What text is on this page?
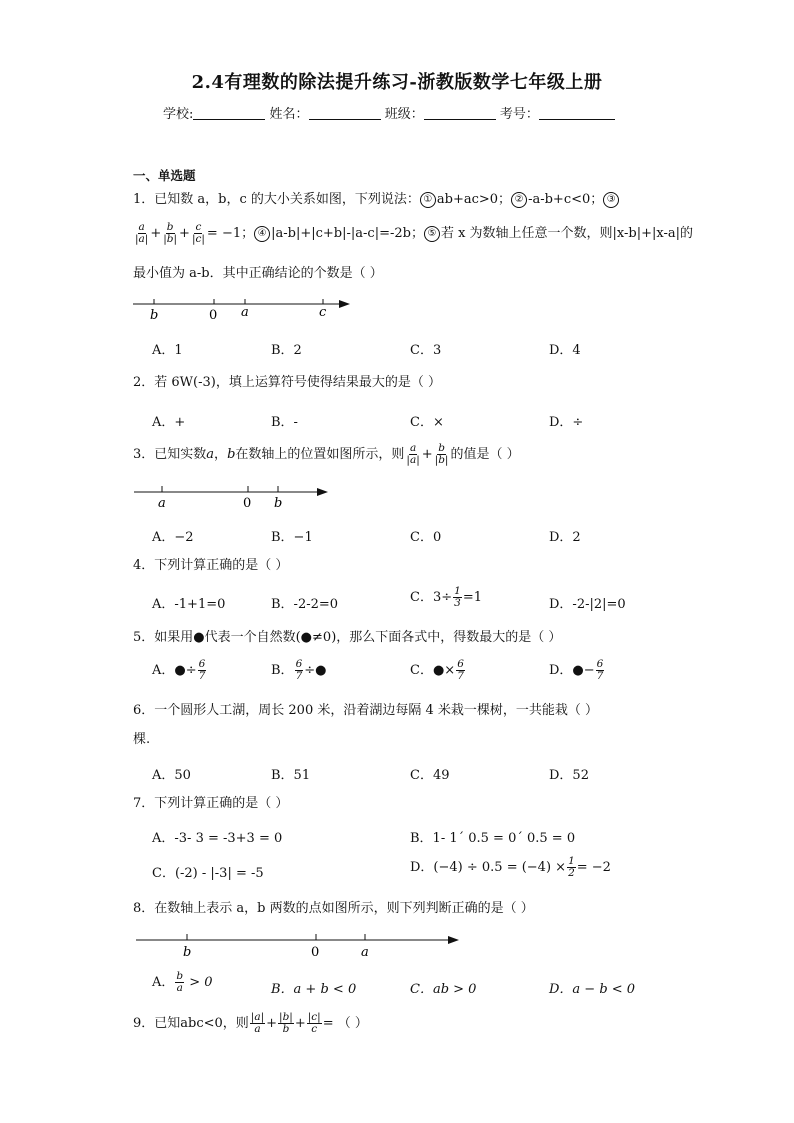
2.4有理数的除法提升练习-浙教版数学七年级上册
学校:	姓名：	班级：	考号：
一、单选题
1．已知数 a，b，c 的大小关系如图，下列说法： ① ab+ac>0； ② -a-b+c<0； ③
$\frac{a}{|a|} + \frac{b}{|b|} + \frac{c}{|c|} = -1$； ④ |a-b|+|c+b|-|a-c|=-2b； ⑤ 若 x 为数轴上任意一个数，则|x-b|+|x-a|的
最小值为 a-b．其中正确结论的个数是（ ）
b	0 a	c
A．1	B．2	C．3	D．4
2．若 6W(-3)，填上运算符号使得结果最大的是（ ）
A．+	B．-	C．×	D．÷
3．已知实数a，b在数轴上的位置如图所示，则 $\frac{a}{|a|} + \frac{b}{|b|}$ 的值是（ ）
a	0 b
A．−2	B．−1	C．0	D．2
4．下列计算正确的是（ ）
A．-1+1=0	B．-2-2=0	C．$3\div \frac{1}{3} =1$	D．-2-|2|=0
5．如果用●代表一个自然数(●≠0)，那么下面各式中，得数最大的是（ ）
A．●÷ $\frac{6}{7}$	B． $\frac{6}{7}$ ÷●	C．●× $\frac{6}{7}$	D．●− $\frac{6}{7}$
6．一个圆形人工湖，周长 200 米，沿着湖边每隔 4 米栽一棵树，一共能栽（ ）
棵.
A．50	B．51	C．49	D．52
7．下列计算正确的是（ ）
A．-3- 3 = -3+3 = 0	B．1- 1´ 0.5 = 0´ 0.5 = 0
C．(-2) - |-3| = -5	D．$(-4) \div 0.5 = (-4) \times \frac{1}{2} = -2$
8．在数轴上表示 a，b 两数的点如图所示，则下列判断正确的是（ ）
b	0	a
A． $\frac{b}{a} > 0$	B．a + b < 0	C．ab > 0	D．a − b < 0
9．已知abc<0，则 $\frac{|a|}{a} + \frac{|b|}{b} + \frac{|c|}{c}$ = （ ）
